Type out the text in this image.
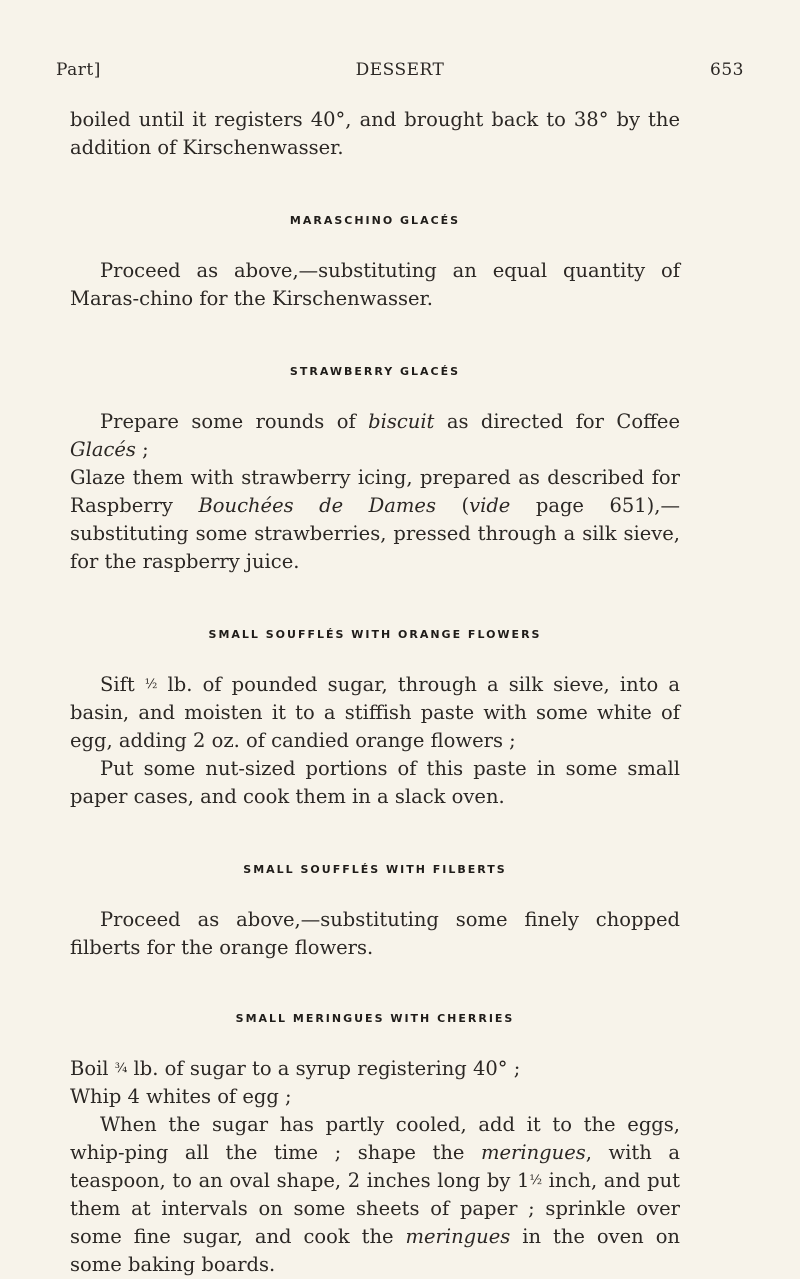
Part]	DESSERT	653

boiled until it registers 40°, and brought back to 38° by the addition of Kirschenwasser.

MARASCHINO GLACÉS

Proceed as above,—substituting an equal quantity of Maras-chino for the Kirschenwasser.

STRAWBERRY GLACÉS

Prepare some rounds of biscuit as directed for Coffee Glacés ;

Glaze them with strawberry icing, prepared as described for Raspberry Bouchées de Dames (vide page 651),—substituting some strawberries, pressed through a silk sieve, for the raspberry juice.

SMALL SOUFFLÉS WITH ORANGE FLOWERS

Sift ½ lb. of pounded sugar, through a silk sieve, into a basin, and moisten it to a stiffish paste with some white of egg, adding 2 oz. of candied orange flowers ;

Put some nut-sized portions of this paste in some small paper cases, and cook them in a slack oven.

SMALL SOUFFLÉS WITH FILBERTS

Proceed as above,—substituting some finely chopped filberts for the orange flowers.

SMALL MERINGUES WITH CHERRIES

Boil ¾ lb. of sugar to a syrup registering 40° ;

Whip 4 whites of egg ;

When the sugar has partly cooled, add it to the eggs, whip-ping all the time ; shape the meringues, with a teaspoon, to an oval shape, 2 inches long by 1½ inch, and put them at intervals on some sheets of paper ; sprinkle over some fine sugar, and cook the meringues in the oven on some baking boards.
